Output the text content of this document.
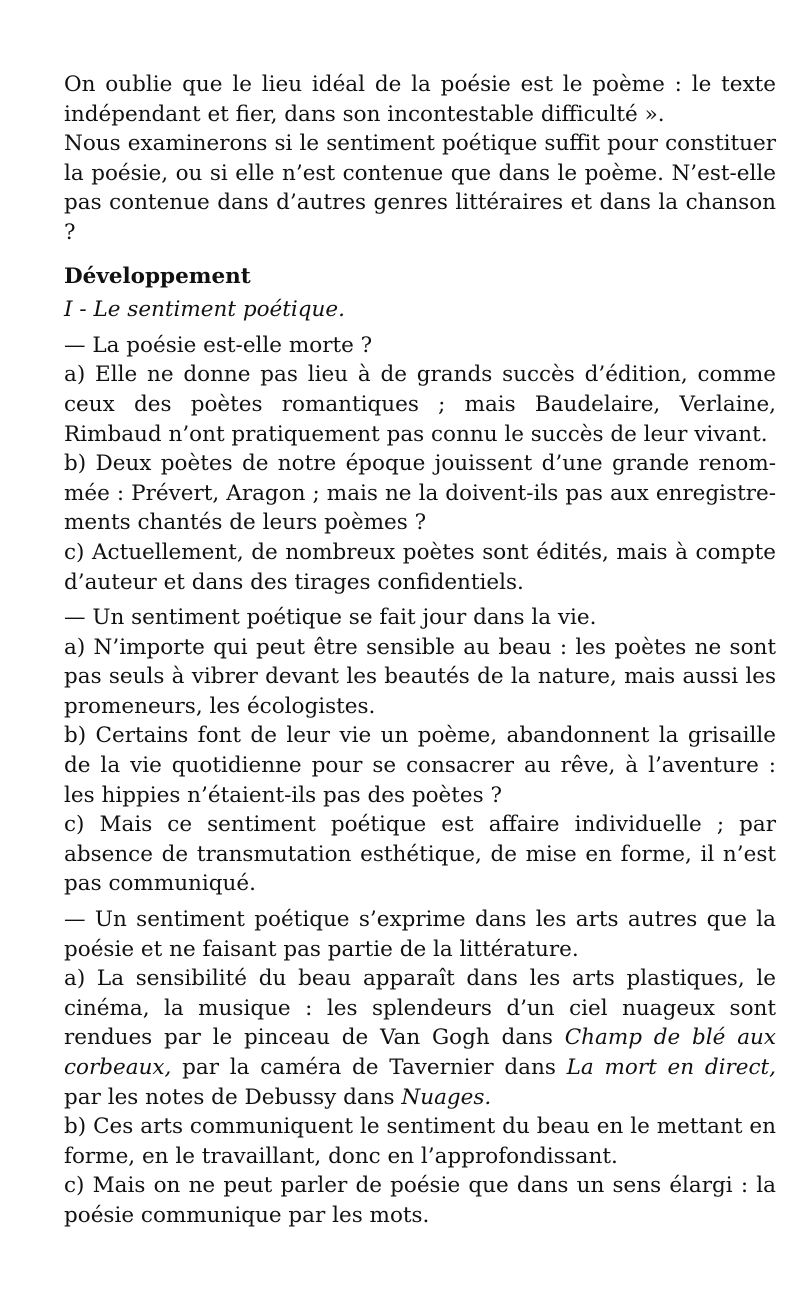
On oublie que le lieu idéal de la poésie est le poème : le texte indépendant et fier, dans son incontestable difficulté ».

Nous examinerons si le sentiment poétique suffit pour constituer la poésie, ou si elle n’est contenue que dans le poème. N’est-elle pas contenue dans d’autres genres littéraires et dans la chanson ?

Développement

I - Le sentiment poétique.

— La poésie est-elle morte ?

a) Elle ne donne pas lieu à de grands succès d’édition, comme ceux des poètes romantiques ; mais Baudelaire, Verlaine, Rimbaud n’ont pratiquement pas connu le succès de leur vivant.

b) Deux poètes de notre époque jouissent d’une grande renommée : Prévert, Aragon ; mais ne la doivent-ils pas aux enregistrements chantés de leurs poèmes ?

c) Actuellement, de nombreux poètes sont édités, mais à compte d’auteur et dans des tirages confidentiels.

— Un sentiment poétique se fait jour dans la vie.

a) N’importe qui peut être sensible au beau : les poètes ne sont pas seuls à vibrer devant les beautés de la nature, mais aussi les promeneurs, les écologistes.

b) Certains font de leur vie un poème, abandonnent la grisaille de la vie quotidienne pour se consacrer au rêve, à l’aventure : les hippies n’étaient-ils pas des poètes ?

c) Mais ce sentiment poétique est affaire individuelle ; par absence de transmutation esthétique, de mise en forme, il n’est pas communiqué.

— Un sentiment poétique s’exprime dans les arts autres que la poésie et ne faisant pas partie de la littérature.

a) La sensibilité du beau apparaît dans les arts plastiques, le cinéma, la musique : les splendeurs d’un ciel nuageux sont rendues par le pinceau de Van Gogh dans Champ de blé aux corbeaux, par la caméra de Tavernier dans La mort en direct, par les notes de Debussy dans Nuages.

b) Ces arts communiquent le sentiment du beau en le mettant en forme, en le travaillant, donc en l’approfondissant.

c) Mais on ne peut parler de poésie que dans un sens élargi : la poésie communique par les mots.
